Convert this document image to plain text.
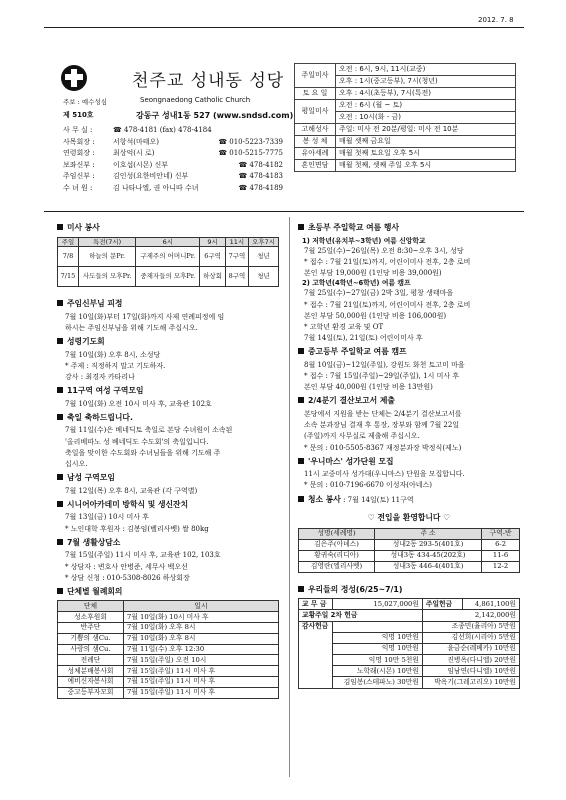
2012. 7. 8
천주교 성내동 성당
Seongnaedong Catholic Church
주보 : 예수성심
제 510호	강동구 성내1동 527 (www.sndsd.com)
사 무 실 :	☎ 478-4181 (fax) 478-4184
사목회장 :	서항석(마태오)	☎ 010-5223-7339
연령회장 :	최상억(시 로)	☎ 010-5215-7775
보좌신부 :	이호섭(시몬) 신부	☎ 478-4182
주임신부 :	김인성(요한비안네) 신부	☎ 478-4183
수 녀 원 :	김 나타나엘, 권 아니따 수녀	☎ 478-4189
주일미사	오전 : 6시, 9시, 11시(교중)
	오후 : 1시(중고등부), 7시(청년)
토 요 일	오후 : 4시(초등부), 7시(특전)
평일미사	오전 : 6시 (월 ~ 토)
	오전 : 10시(화 - 금)
고해성사	주일: 미사 전 20분/평일: 미사 전 10분
봉 성 체	매월 셋째 금요일
유아세례	매월 첫째 토요일 오후 5시
혼인면담	매월 첫째, 셋째 주일 오후 5시
미사 봉사
주일	특전(7시)	6시	9시	11시	오후7시
7/8	하늘의 문Pr.	구제주의 어머니Pr.	6구역	7구역	청년
7/15	사도들의 모후Pr.	중재자들의 모후Pr.	하상회	8구역	청년
주임신부님 피정
7월 10일(화)부터 17일(화)까지 사제 연례피정에 임
하시는 주임신부님을 위해 기도해 주십시오.
성령기도회
7월 10일(화) 오후 8시, 소성당
* 주제 : 직정하지 말고 기도하자.
강사 : 최경자 카타리나
11구역 여성 구역모임
7월 10일(화) 오전 10시 미사 후, 교육관 102호
축일 축하드립니다.
7월 11일(수)은 베네딕토 축일로 본당 수녀원이 소속된
'올리베따노 성 베네딕도 수도회'의 축일입니다.
축일을 맞이한 수도회와 수녀님들을 위해 기도해 주
십시오.
남성 구역모임
7월 12일(목) 오후 8시, 교육관 (각 구역별)
시니어아카데미 방학식 및 생신잔치
7월 13일(금) 10시 미사 후
* 노인대학 후원자 : 김봉임(벨리사벳) 쌀 80kg
7월 생활상담소
7월 15일(주일) 11시 미사 후, 교육관 102, 103호
* 상담자 : 변호사 안병준, 세무사 백오선
* 상담 신청 : 010-5308-8026 하상회장
단체별 월례회의
단체	일시
성소후원회	7월 10일(화) 10시 미사 후
반주단	7월 10일(화) 오후 8시
기쁨의 샘Cu.	7월 10일(화) 오후 8시
사랑의 샘Cu.	7월 11일(수) 오후 12:30
전례단	7월 15일(주일) 오전 10시
성체분배봉사회	7월 15일(주일) 11시 미사 후
예비신자봉사회	7월 15일(주일) 11시 미사 후
중고등부자모회	7월 15일(주일) 11시 미사 후
초등부 주일학교 여름 행사
1) 저학년(유치부~3학년) 여름 신앙학교
7월 25일(수)~26일(목) 오전 8:30~오후 3시, 성당
* 접수 : 7월 21일(토)까지, 어린이미사 전후, 2층 로비
본인 부담 19,000원 (1인당 비용 39,000원)
2) 고학년(4학년~6학년) 여름 캠프
7월 25일(수)~27일(금) 2박 3일, 평창 생태마을
* 접수 : 7월 21일(토)까지, 어린이미사 전후, 2층 로비
본인 부담 50,000원 (1인당 비용 106,000원)
* 고학년 환경 교육 및 OT
7월 14일(토), 21일(토) 어린이미사 후
중고등부 주일학교 여름 캠프
8월 10일(금)~12일(주일), 강원도 화천 토고미 마을
* 접수 : 7월 15일(주일)~29일(주일), 1시 미사 후
본인 부담 40,000원 (1인당 비용 13만원)
2/4분기 결산보고서 제출
본당에서 지원을 받는 단체는 2/4분기 결산보고서를
소속 분과장님 결재 후 통장, 장부와 함께 7월 22일
(주일)까지 사무실로 제출해 주십시오.
* 문의 : 010-5505-8367 재정분과장 박정식(제노)
'우니마스' 성가단원 모집
11시 교중미사 성가대(우니마스) 단원을 모집합니다.
* 문의 : 010-7196-6670 이성자(아네스)
청소 봉사 : 7월 14일(토) 11구역
♡ 전입을 환영합니다 ♡
성명(세례명)	주 소	구역-반
김은주(아녜스)	성내2동 293-5(401호)	6-2
황귀숙(리디아)	성내3동 434-45(202호)	11-6
김영란(엘리사벳)	성내3동 446-4(401호)	12-2
우리들의 정성(6/25~7/1)
교 무 금	15,027,000원	주일헌금	4,861,100원
교황주일 2차 헌금		2,142,000원	
감사헌금		조종민(율리아) 5만원	
	익명 10만원	김선희(시리아) 5만원	
	익명 10만원	윤금순(레베카) 10만원	
	익명 10만 5천원	진병옥(다니엘) 20만원	
	노학래(시몬) 10만원	임남연(다니엘) 10만원	
	김임봉(스테파노) 30만원	박옥기(그레고리오) 10만원	
